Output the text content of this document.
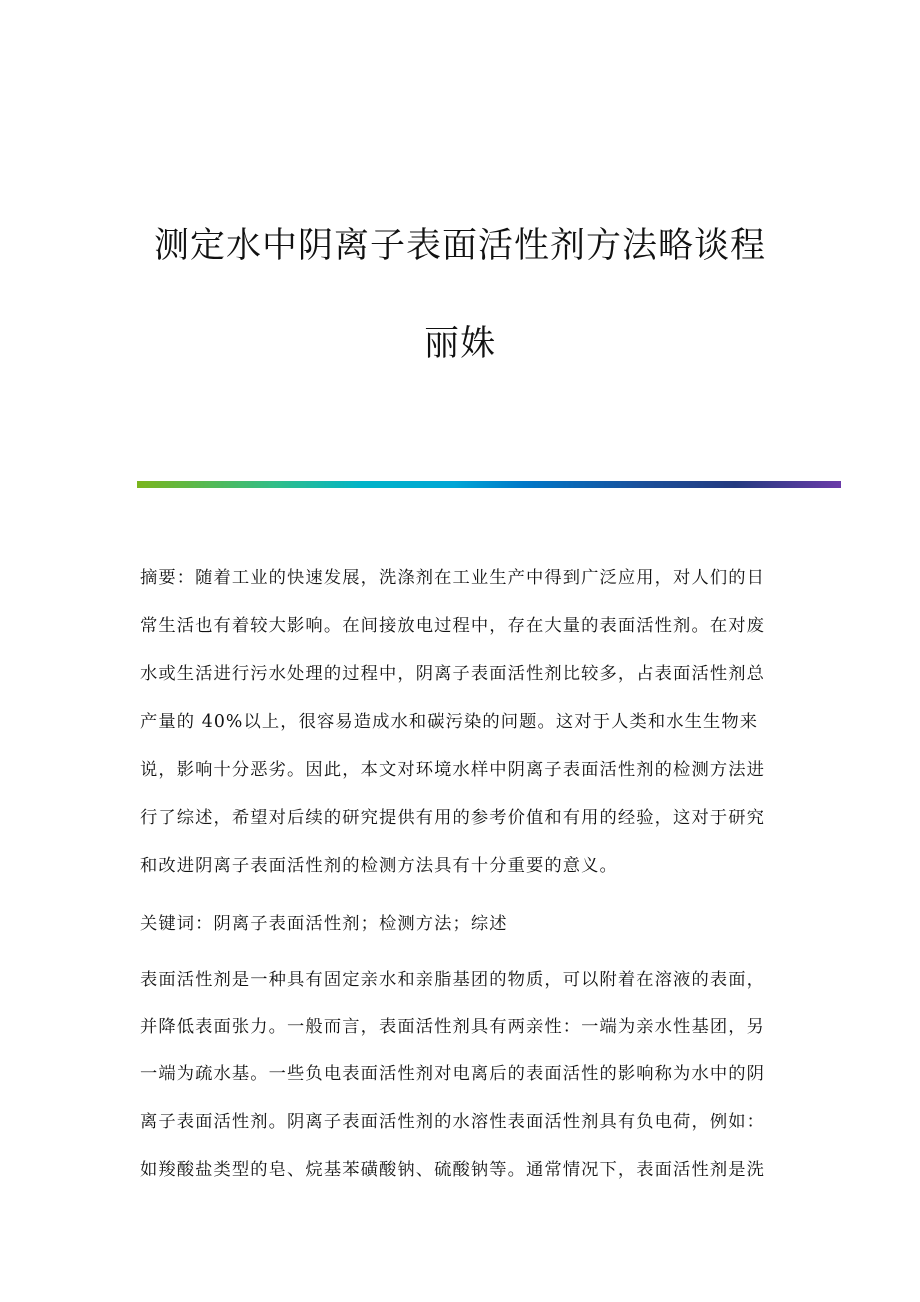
测定水中阴离子表面活性剂方法略谈程
丽姝
摘要：随着工业的快速发展，洗涤剂在工业生产中得到广泛应用，对人们的日
常生活也有着较大影响。在间接放电过程中，存在大量的表面活性剂。在对废
水或生活进行污水处理的过程中，阴离子表面活性剂比较多，占表面活性剂总
产量的 40%以上，很容易造成水和碳污染的问题。这对于人类和水生生物来
说，影响十分恶劣。因此，本文对环境水样中阴离子表面活性剂的检测方法进
行了综述，希望对后续的研究提供有用的参考价值和有用的经验，这对于研究
和改进阴离子表面活性剂的检测方法具有十分重要的意义。
关键词：阴离子表面活性剂；检测方法；综述
表面活性剂是一种具有固定亲水和亲脂基团的物质，可以附着在溶液的表面，
并降低表面张力。一般而言，表面活性剂具有两亲性：一端为亲水性基团，另
一端为疏水基。一些负电表面活性剂对电离后的表面活性的影响称为水中的阴
离子表面活性剂。阴离子表面活性剂的水溶性表面活性剂具有负电荷，例如：
如羧酸盐类型的皂、烷基苯磺酸钠、硫酸钠等。通常情况下，表面活性剂是洗
